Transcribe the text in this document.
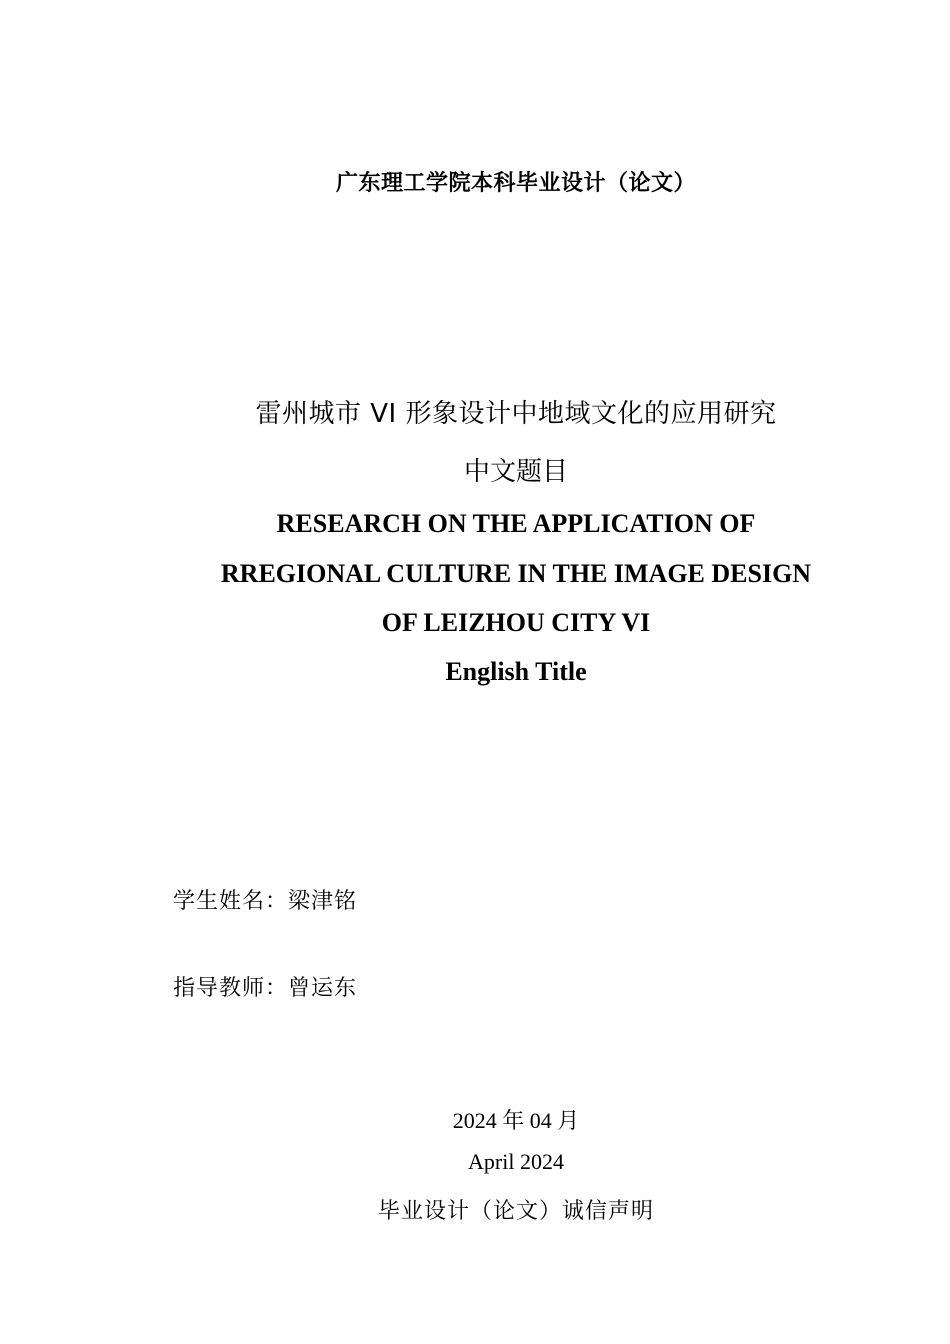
广东理工学院本科毕业设计（论文）
雷州城市 VI 形象设计中地域文化的应用研究
中文题目
RESEARCH ON THE APPLICATION OF
RREGIONAL CULTURE IN THE IMAGE DESIGN
OF LEIZHOU CITY VI
English Title
学生姓名：梁津铭
指导教师：曾运东
2024 年 04 月
April 2024
毕业设计（论文）诚信声明
